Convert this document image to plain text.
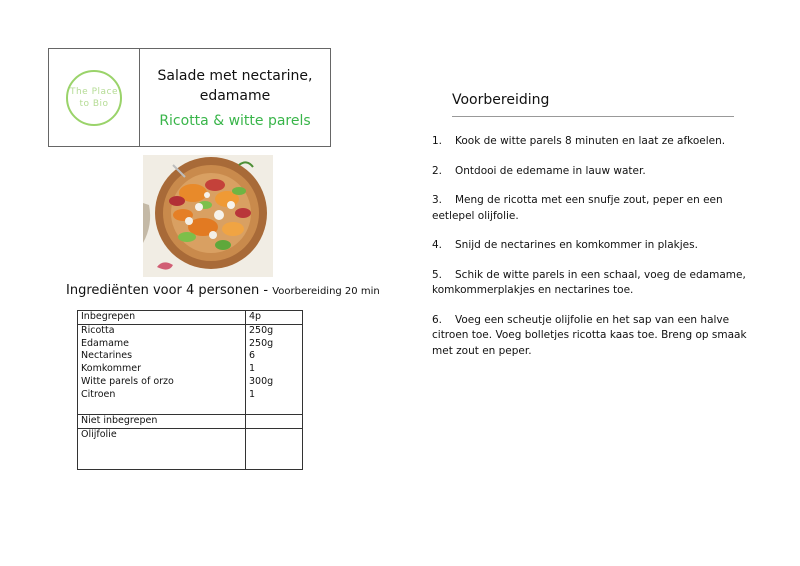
The Place
to Bio
Salade met nectarine,
edamame
Ricotta & witte parels
Ingrediënten voor 4 personen - Voorbereiding 20 min
Inbegrepen	4p
Ricotta	250g
Edamame	250g
Nectarines	6
Komkommer	1
Witte parels of orzo	300g
Citroen	1

Niet inbegrepen	
Olijfolie	
Voorbereiding
1. Kook de witte parels 8 minuten en laat ze afkoelen.
2. Ontdooi de edemame in lauw water.
3. Meng de ricotta met een snufje zout, peper en een eetlepel olijfolie.
4. Snijd de nectarines en komkommer in plakjes.
5. Schik de witte parels in een schaal, voeg de edamame, komkommerplakjes en nectarines toe.
6. Voeg een scheutje olijfolie en het sap van een halve citroen toe. Voeg bolletjes ricotta kaas toe. Breng op smaak met zout en peper.
